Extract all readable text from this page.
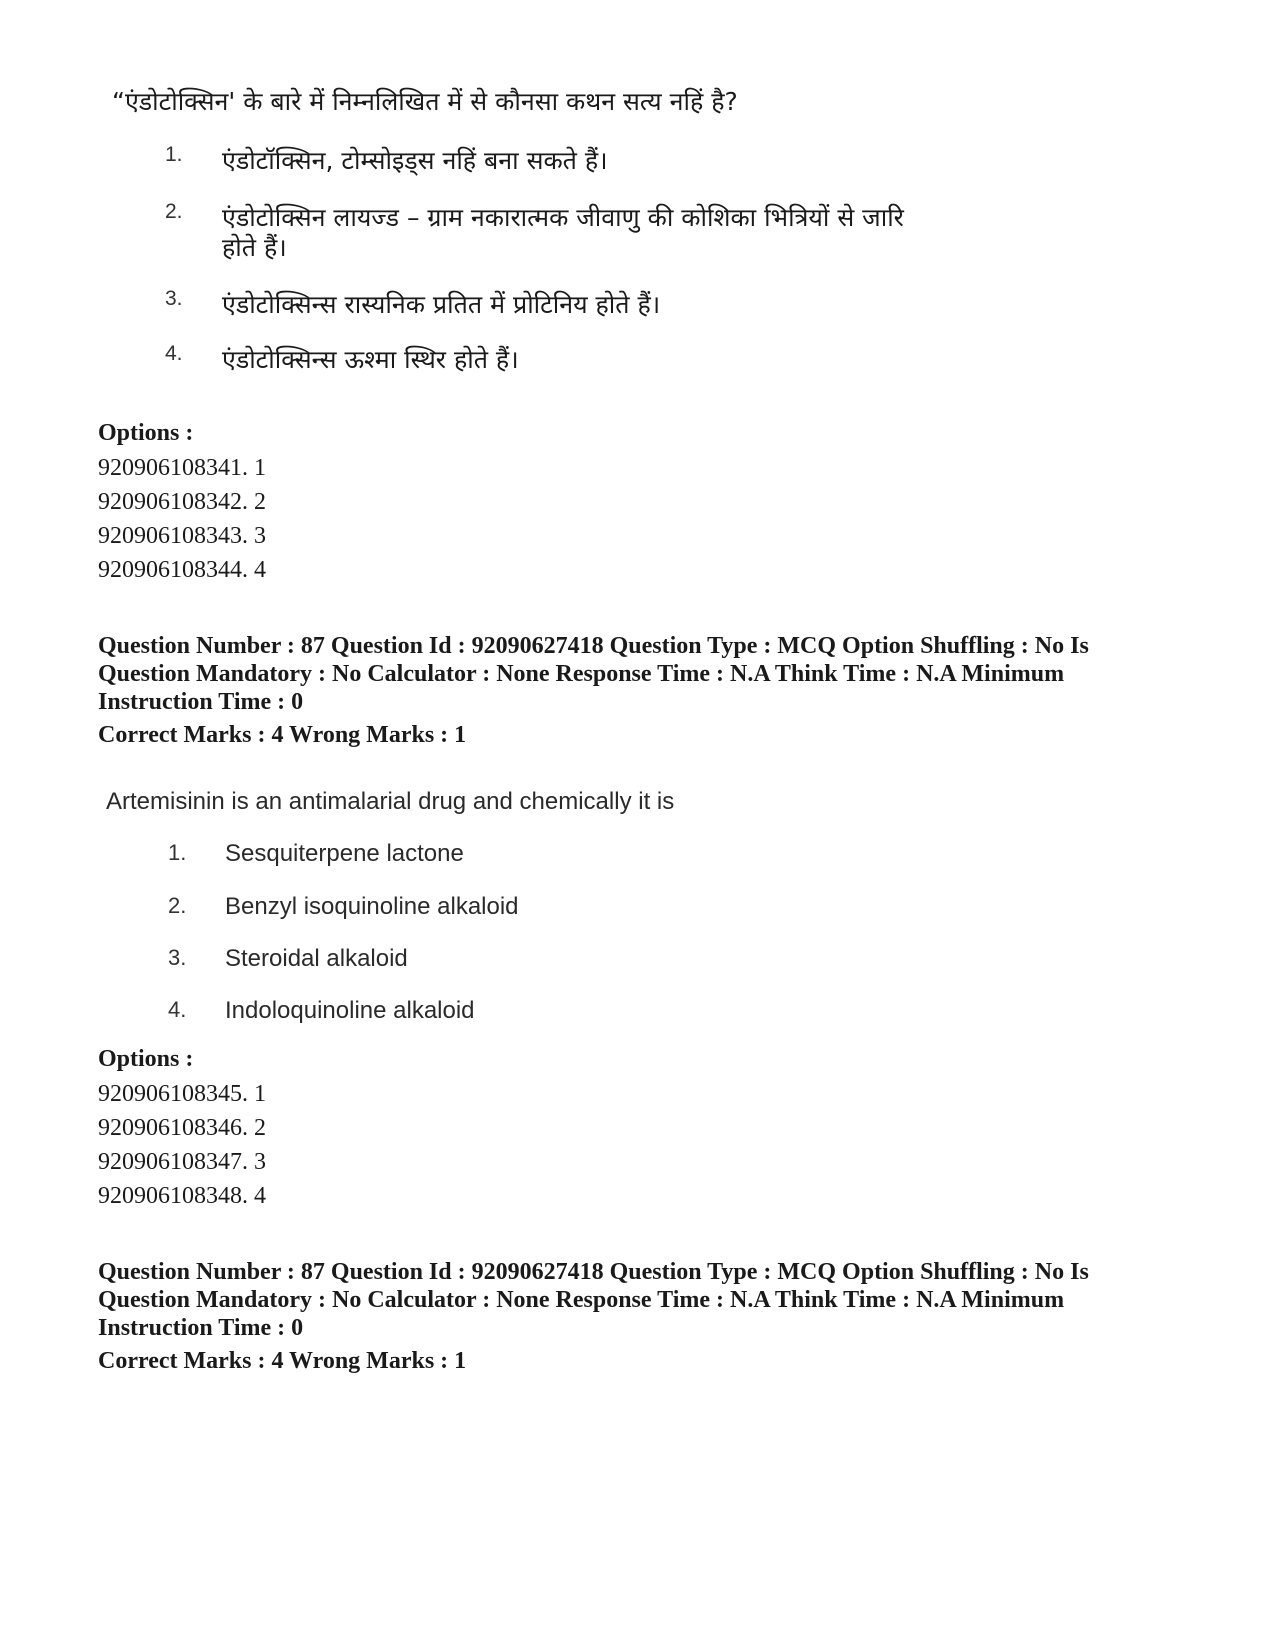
“एंडोटोक्सिन' के बारे में निम्नलिखित में से कौनसा कथन सत्य नहिं है?
1.	एंडोटॉक्सिन, टोम्सोइड्स नहिं बना सकते हैं।
2.	एंडोटोक्सिन लायज्ड – ग्राम नकारात्मक जीवाणु की कोशिका भित्रियों से जारि
होते हैं।
3.	एंडोटोक्सिन्स रास्यनिक प्रतित में प्रोटिनिय होते हैं।
4.	एंडोटोक्सिन्स ऊश्मा स्थिर होते हैं।
Options :
920906108341. 1
920906108342. 2
920906108343. 3
920906108344. 4
Question Number : 87 Question Id : 92090627418 Question Type : MCQ Option Shuffling : No Is
Question Mandatory : No Calculator : None Response Time : N.A Think Time : N.A Minimum
Instruction Time : 0
Correct Marks : 4 Wrong Marks : 1
Artemisinin is an antimalarial drug and chemically it is
1.	Sesquiterpene lactone
2.	Benzyl isoquinoline alkaloid
3.	Steroidal alkaloid
4.	Indoloquinoline alkaloid
Options :
920906108345. 1
920906108346. 2
920906108347. 3
920906108348. 4
Question Number : 87 Question Id : 92090627418 Question Type : MCQ Option Shuffling : No Is
Question Mandatory : No Calculator : None Response Time : N.A Think Time : N.A Minimum
Instruction Time : 0
Correct Marks : 4 Wrong Marks : 1
